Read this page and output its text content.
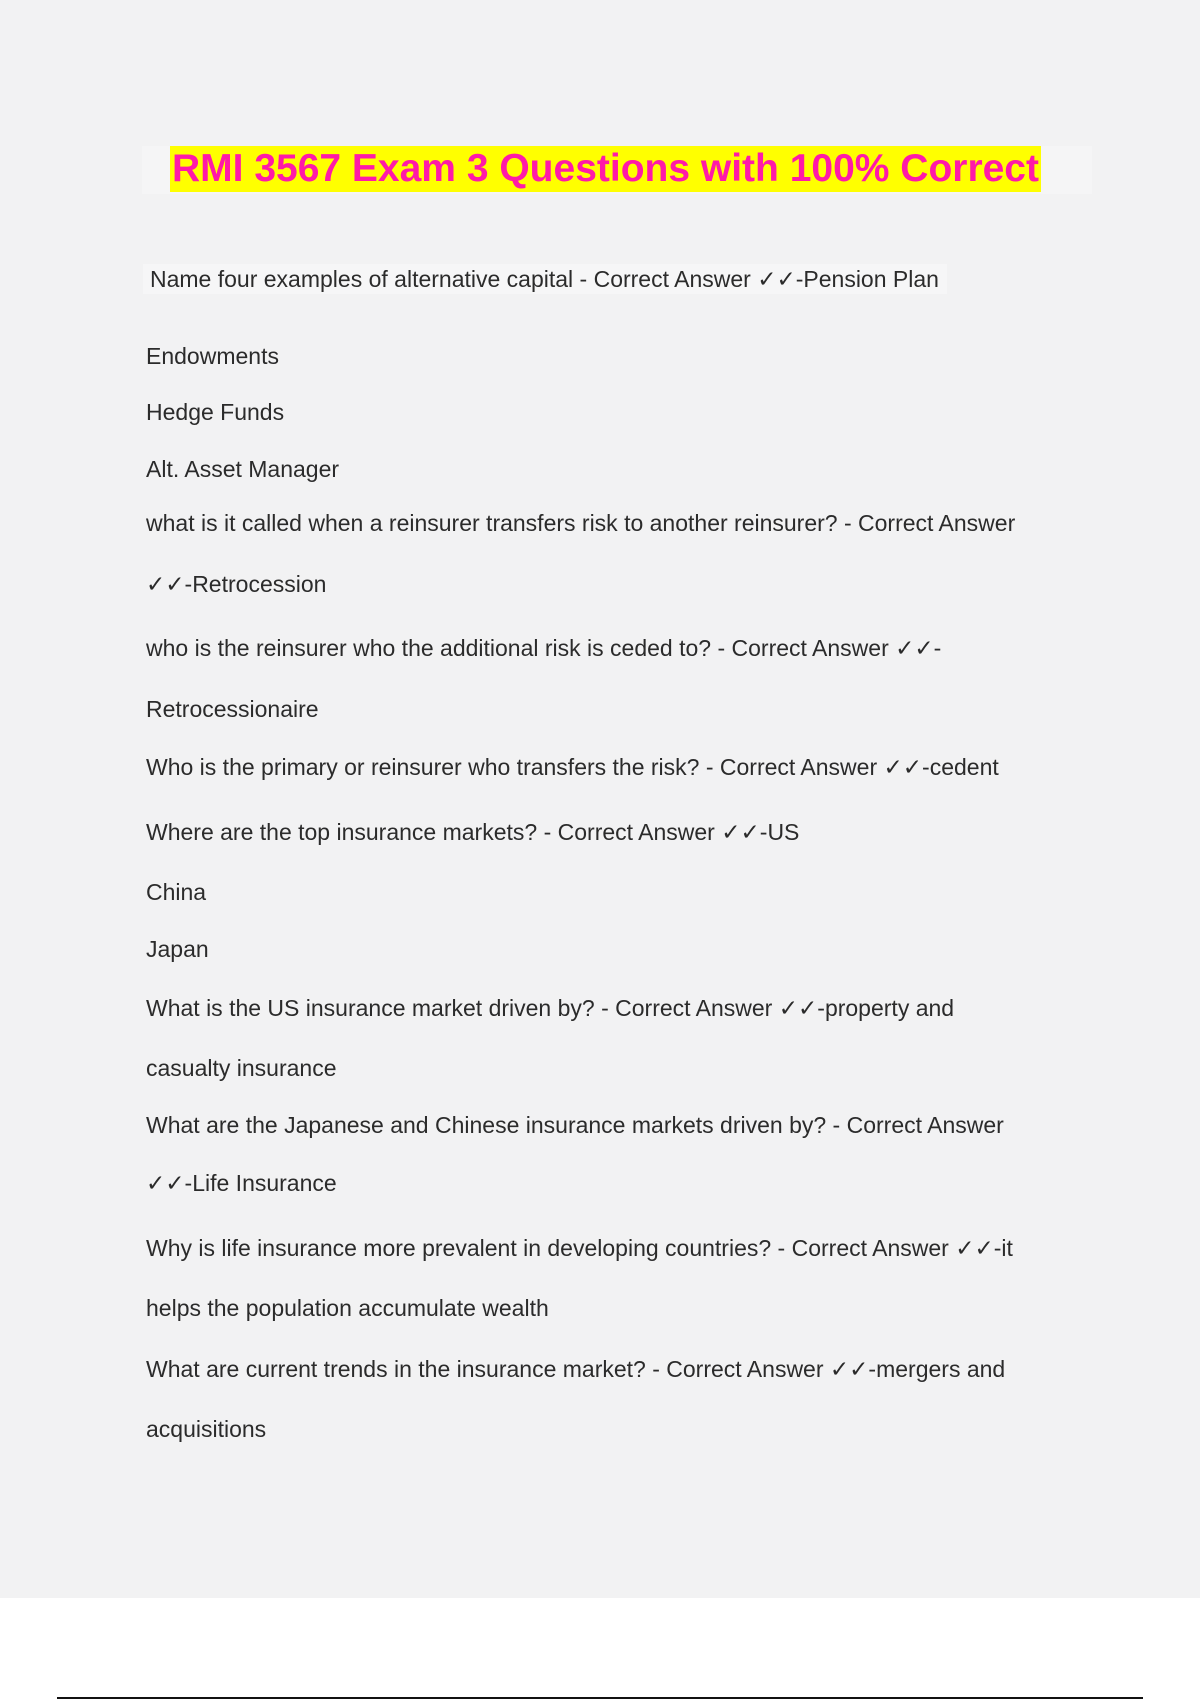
RMI 3567 Exam 3 Questions with 100% Correct
Name four examples of alternative capital - Correct Answer ✓✓-Pension Plan
Endowments
Hedge Funds
Alt. Asset Manager
what is it called when a reinsurer transfers risk to another reinsurer? - Correct Answer
✓✓-Retrocession
who is the reinsurer who the additional risk is ceded to? - Correct Answer ✓✓-
Retrocessionaire
Who is the primary or reinsurer who transfers the risk? - Correct Answer ✓✓-cedent
Where are the top insurance markets? - Correct Answer ✓✓-US
China
Japan
What is the US insurance market driven by? - Correct Answer ✓✓-property and
casualty insurance
What are the Japanese and Chinese insurance markets driven by? - Correct Answer
✓✓-Life Insurance
Why is life insurance more prevalent in developing countries? - Correct Answer ✓✓-it
helps the population accumulate wealth
What are current trends in the insurance market? - Correct Answer ✓✓-mergers and
acquisitions
